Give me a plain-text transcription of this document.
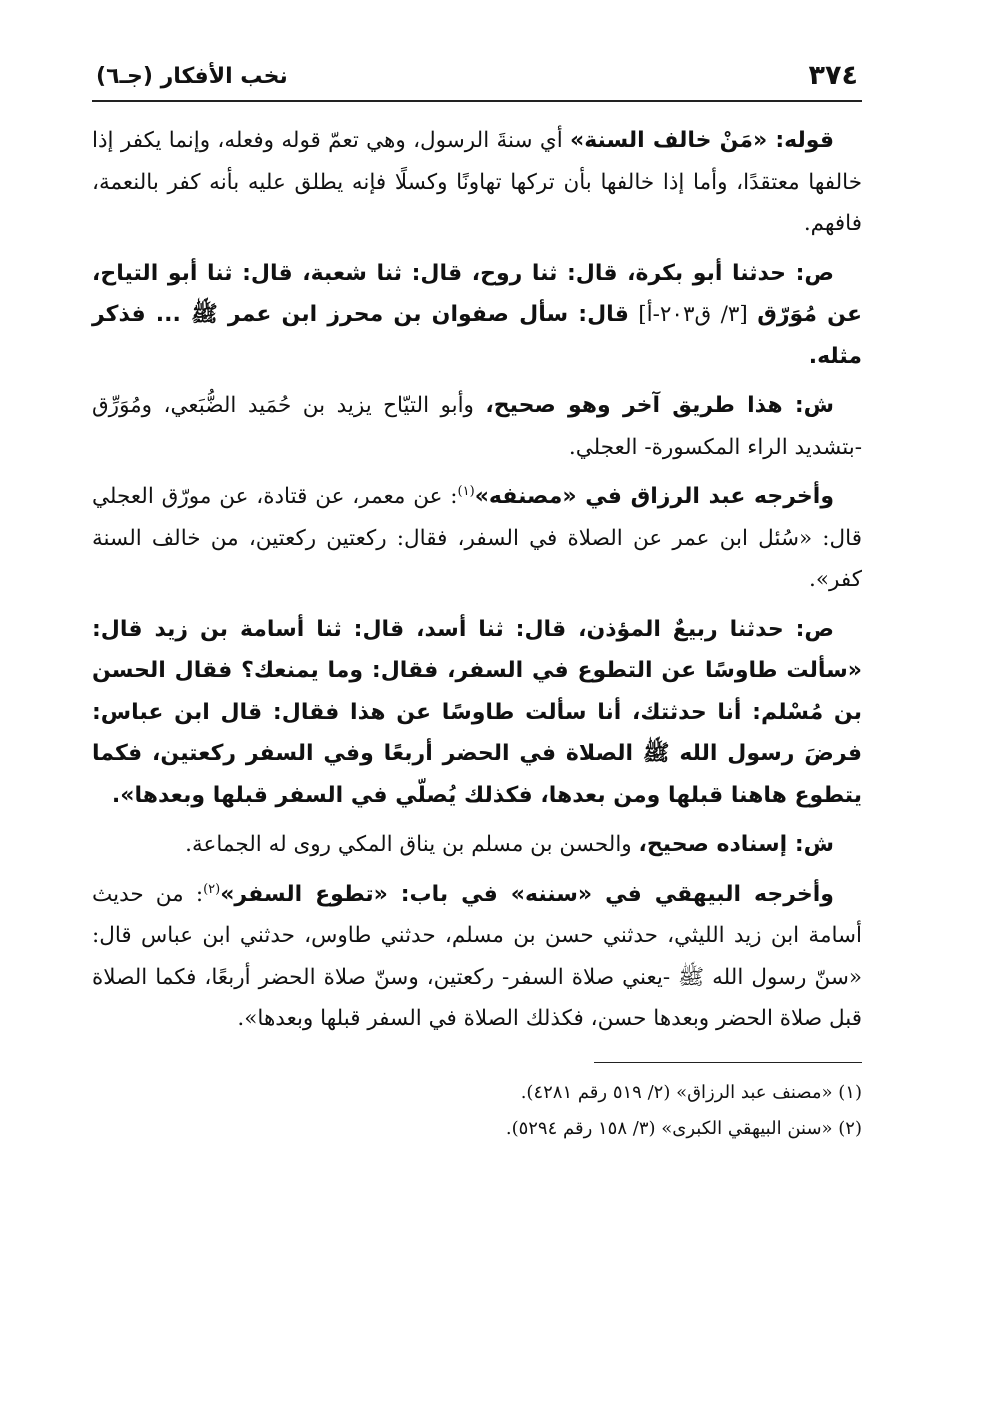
٣٧٤
نخب الأفكار (جـ٦)

قوله: «مَنْ خالف السنة» أي سنةَ الرسول، وهي تعمّ قوله وفعله، وإنما يكفر إذا خالفها معتقدًا، وأما إذا خالفها بأن تركها تهاونًا وكسلًا فإنه يطلق عليه بأنه كفر بالنعمة، فافهم.

ص: حدثنا أبو بكرة، قال: ثنا روح، قال: ثنا شعبة، قال: ثنا أبو التياح، عن مُوَرّق [٣/ ق٢٠٣-أ] قال: سأل صفوان بن محرز ابن عمر ﷺ ... فذكر مثله.

ش: هذا طريق آخر وهو صحيح، وأبو التيّاح يزيد بن حُمَيد الضُّبَعي، ومُوَرِّق -بتشديد الراء المكسورة- العجلي.

وأخرجه عبد الرزاق في «مصنفه»$^{(١)}$: عن معمر، عن قتادة، عن مورّق العجلي قال: «سُئل ابن عمر عن الصلاة في السفر، فقال: ركعتين ركعتين، من خالف السنة كفر».

ص: حدثنا ربيعٌ المؤذن، قال: ثنا أسد، قال: ثنا أسامة بن زيد قال: «سألت طاوسًا عن التطوع في السفر، فقال: وما يمنعك؟ فقال الحسن بن مُسْلم: أنا حدثتك، أنا سألت طاوسًا عن هذا فقال: قال ابن عباس: فرضَ رسول الله ﷺ الصلاة في الحضر أربعًا وفي السفر ركعتين، فكما يتطوع هاهنا قبلها ومن بعدها، فكذلك يُصلّي في السفر قبلها وبعدها».

ش: إسناده صحيح، والحسن بن مسلم بن يناق المكي روى له الجماعة.

وأخرجه البيهقي في «سننه» في باب: «تطوع السفر»$^{(٢)}$: من حديث أسامة ابن زيد الليثي، حدثني حسن بن مسلم، حدثني طاوس، حدثني ابن عباس قال: «سنّ رسول الله ﷺ -يعني صلاة السفر- ركعتين، وسنّ صلاة الحضر أربعًا، فكما الصلاة قبل صلاة الحضر وبعدها حسن، فكذلك الصلاة في السفر قبلها وبعدها».

(١) «مصنف عبد الرزاق» (٢/ ٥١٩ رقم ٤٢٨١).
(٢) «سنن البيهقي الكبرى» (٣/ ١٥٨ رقم ٥٢٩٤).
